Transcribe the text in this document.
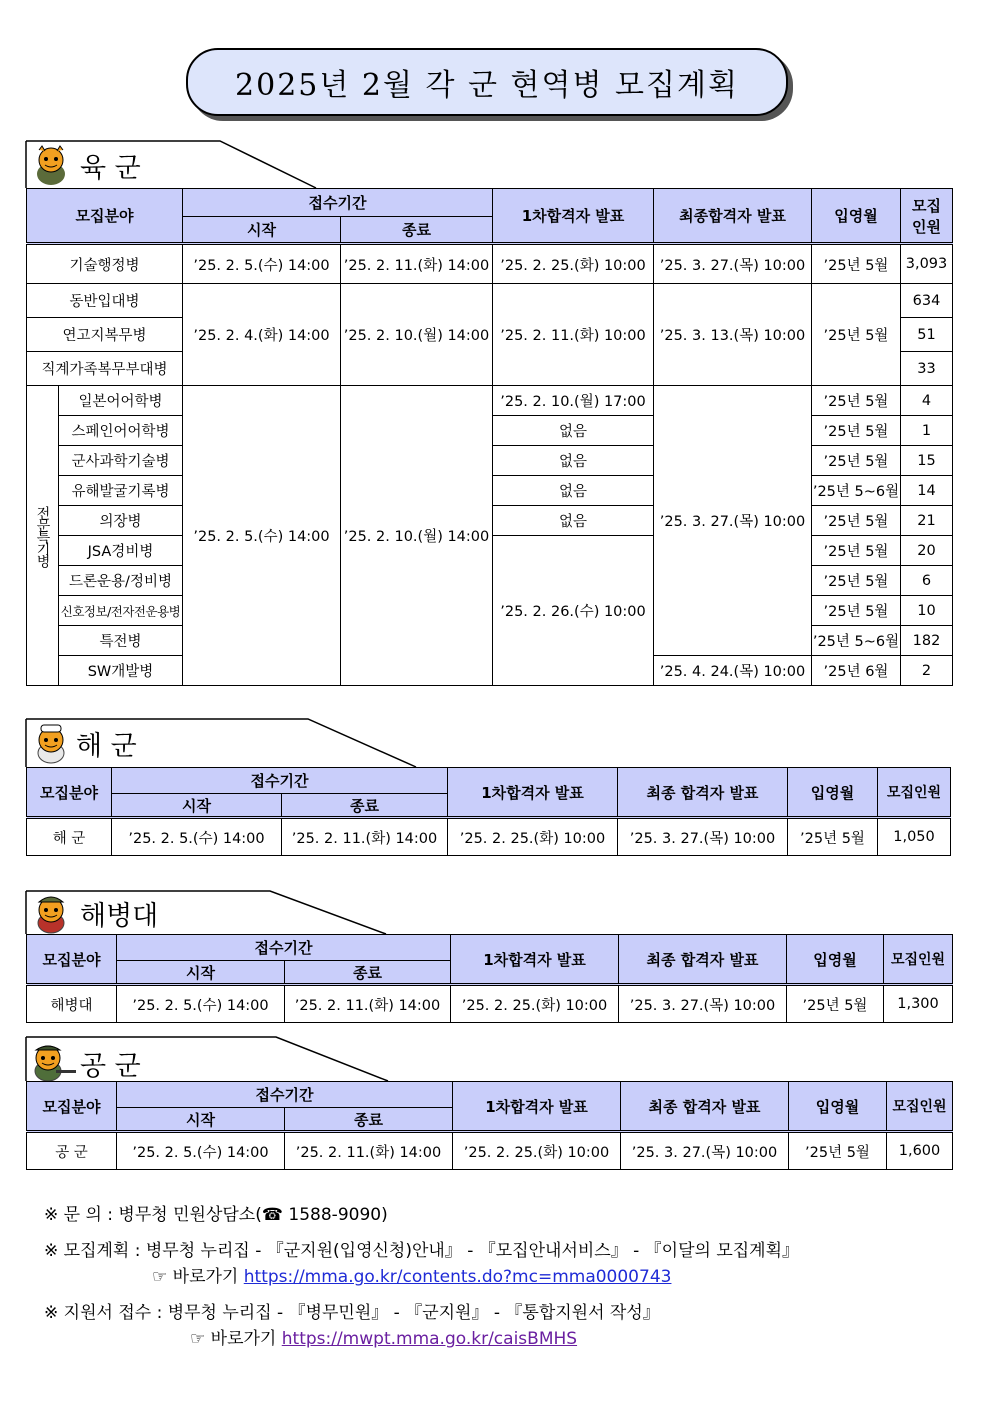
2025년 2월 각 군 현역병 모집계획
육 군
모집분야		접수기간		1차합격자 발표	최종합격자 발표	입영월	모집
인원
		시작	종료				
기술행정병		’25. 2. 5.(수) 14:00	’25. 2. 11.(화) 14:00	’25. 2. 25.(화) 10:00	’25. 3. 27.(목) 10:00	’25년 5월	3,093
동반입대병		’25. 2. 4.(화) 14:00	’25. 2. 10.(월) 14:00	’25. 2. 11.(화) 10:00	’25. 3. 13.(목) 10:00	’25년 5월	634
연고지복무병							51
직계가족복무부대병							33
전문특기병	일본어어학병	’25. 2. 5.(수) 14:00	’25. 2. 10.(월) 14:00	’25. 2. 10.(월) 17:00	’25. 3. 27.(목) 10:00	’25년 5월	4
	스페인어어학병			없음		’25년 5월	1
	군사과학기술병			없음		’25년 5월	15
	유해발굴기록병			없음		’25년 5~6월	14
	의장병			없음		’25년 5월	21
	JSA경비병			’25. 2. 26.(수) 10:00		’25년 5월	20
	드론운용/정비병					’25년 5월	6
	신호정보/전자전운용병					’25년 5월	10
	특전병					’25년 5~6월	182
	SW개발병				’25. 4. 24.(목) 10:00	’25년 6월	2
해 군
모집분야	접수기간		1차합격자 발표	최종 합격자 발표	입영월	모집인원
	시작	종료				
해 군	’25. 2. 5.(수) 14:00	’25. 2. 11.(화) 14:00	’25. 2. 25.(화) 10:00	’25. 3. 27.(목) 10:00	’25년 5월	1,050
해병대
모집분야	접수기간		1차합격자 발표	최종 합격자 발표	입영월	모집인원
	시작	종료				
해병대	’25. 2. 5.(수) 14:00	’25. 2. 11.(화) 14:00	’25. 2. 25.(화) 10:00	’25. 3. 27.(목) 10:00	’25년 5월	1,300
공 군
모집분야	접수기간		1차합격자 발표	최종 합격자 발표	입영월	모집인원
	시작	종료				
공 군	’25. 2. 5.(수) 14:00	’25. 2. 11.(화) 14:00	’25. 2. 25.(화) 10:00	’25. 3. 27.(목) 10:00	’25년 5월	1,600
※ 문 의 : 병무청 민원상담소(☎ 1588-9090)
※ 모집계획 : 병무청 누리집 - 『군지원(입영신청)안내』 - 『모집안내서비스』 - 『이달의 모집계획』
☞ 바로가기 https://mma.go.kr/contents.do?mc=mma0000743
※ 지원서 접수 : 병무청 누리집 - 『병무민원』 - 『군지원』 - 『통합지원서 작성』
☞ 바로가기 https://mwpt.mma.go.kr/caisBMHS
